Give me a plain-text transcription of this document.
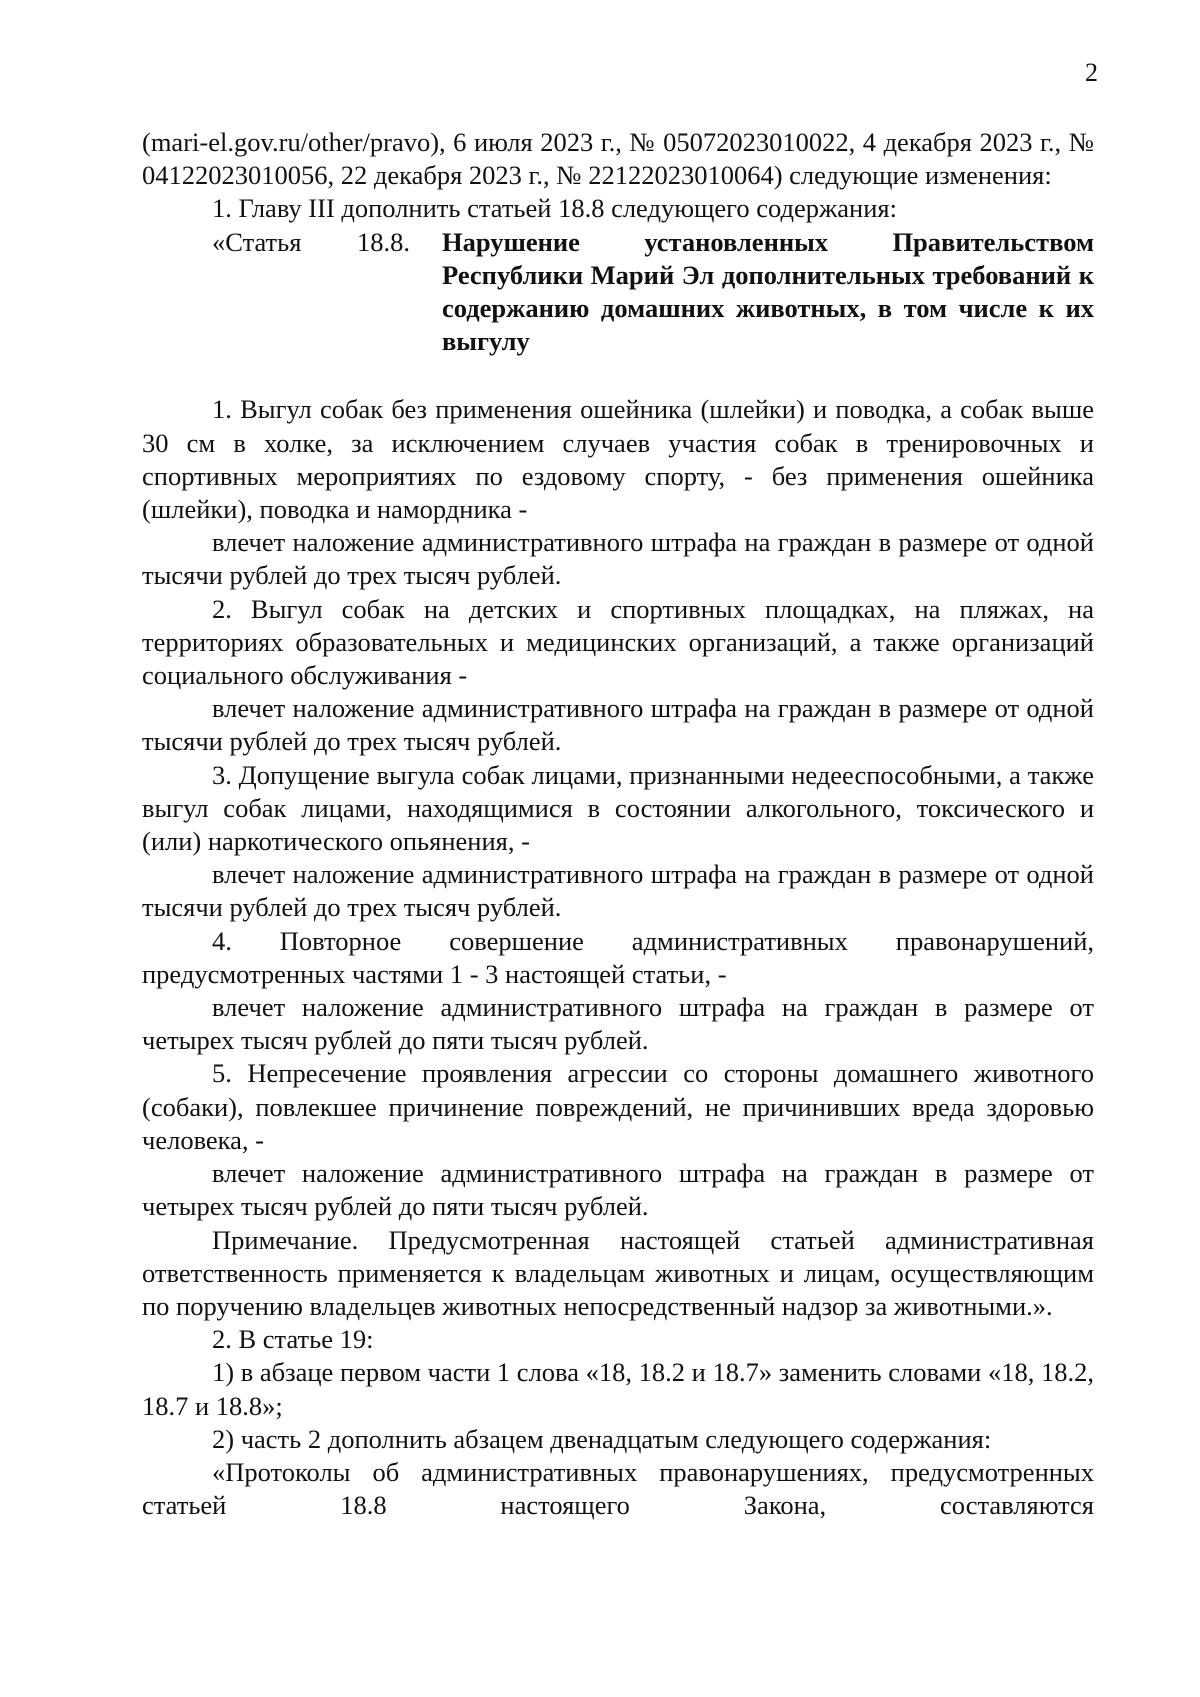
2

(mari-el.gov.ru/other/pravo), 6 июля 2023 г., № 05072023010022, 4 декабря 2023 г., № 04122023010056, 22 декабря 2023 г., № 22122023010064) следующие изменения:

1. Главу III дополнить статьей 18.8 следующего содержания:

«Статья 18.8. Нарушение установленных Правительством Республики Марий Эл дополнительных требований к содержанию домашних животных, в том числе к их выгулу

1. Выгул собак без применения ошейника (шлейки) и поводка, а собак выше 30 см в холке, за исключением случаев участия собак в тренировочных и спортивных мероприятиях по ездовому спорту, - без применения ошейника (шлейки), поводка и намордника -

влечет наложение административного штрафа на граждан в размере от одной тысячи рублей до трех тысяч рублей.

2. Выгул собак на детских и спортивных площадках, на пляжах, на территориях образовательных и медицинских организаций, а также организаций социального обслуживания -

влечет наложение административного штрафа на граждан в размере от одной тысячи рублей до трех тысяч рублей.

3. Допущение выгула собак лицами, признанными недееспособными, а также выгул собак лицами, находящимися в состоянии алкогольного, токсического и (или) наркотического опьянения, -

влечет наложение административного штрафа на граждан в размере от одной тысячи рублей до трех тысяч рублей.

4. Повторное совершение административных правонарушений, предусмотренных частями 1 - 3 настоящей статьи, -

влечет наложение административного штрафа на граждан в размере от четырех тысяч рублей до пяти тысяч рублей.

5. Непресечение проявления агрессии со стороны домашнего животного (собаки), повлекшее причинение повреждений, не причинивших вреда здоровью человека, -

влечет наложение административного штрафа на граждан в размере от четырех тысяч рублей до пяти тысяч рублей.

Примечание. Предусмотренная настоящей статьей административная ответственность применяется к владельцам животных и лицам, осуществляющим по поручению владельцев животных непосредственный надзор за животными.».

2. В статье 19:

1) в абзаце первом части 1 слова «18, 18.2 и 18.7» заменить словами «18, 18.2, 18.7 и 18.8»;

2) часть 2 дополнить абзацем двенадцатым следующего содержания:

«Протоколы об административных правонарушениях, предусмотренных статьей 18.8 настоящего Закона, составляются
